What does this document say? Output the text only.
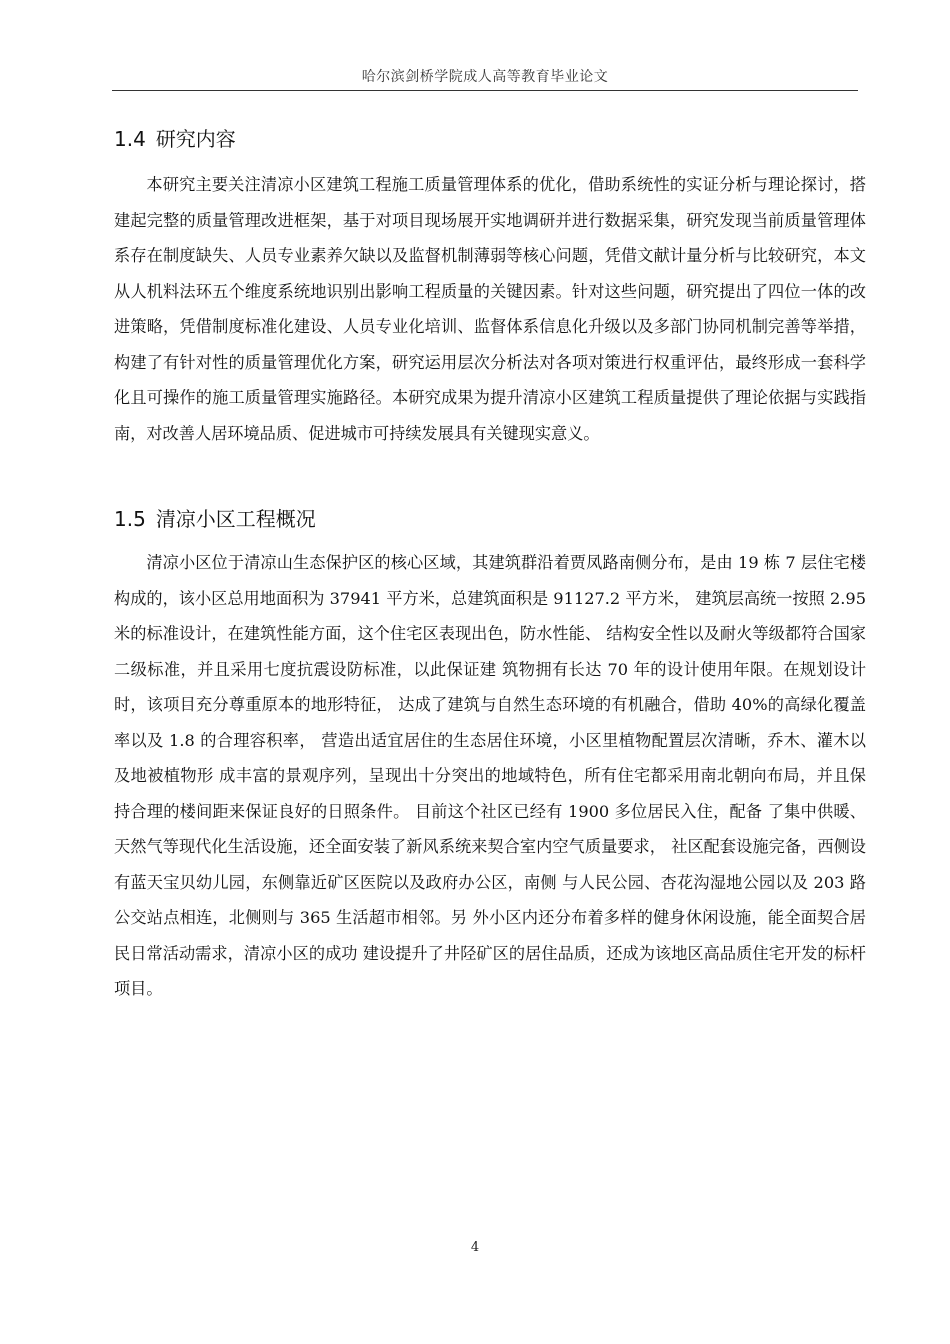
哈尔滨剑桥学院成人高等教育毕业论文
1.4 研究内容

本研究主要关注清凉小区建筑工程施工质量管理体系的优化，借助系统性的实证分析与理论探讨，搭建起完整的质量管理改进框架，基于对项目现场展开实地调研并进行数据采集，研究发现当前质量管理体系存在制度缺失、人员专业素养欠缺以及监督机制薄弱等核心问题，凭借文献计量分析与比较研究，本文从人机料法环五个维度系统地识别出影响工程质量的关键因素。针对这些问题，研究提出了四位一体的改进策略，凭借制度标准化建设、人员专业化培训、监督体系信息化升级以及多部门协同机制完善等举措，构建了有针对性的质量管理优化方案，研究运用层次分析法对各项对策进行权重评估，最终形成一套科学化且可操作的施工质量管理实施路径。本研究成果为提升清凉小区建筑工程质量提供了理论依据与实践指南，对改善人居环境品质、促进城市可持续发展具有关键现实意义。

1.5 清凉小区工程概况

清凉小区位于清凉山生态保护区的核心区域，其建筑群沿着贾凤路南侧分布，是由 19 栋 7 层住宅楼构成的，该小区总用地面积为 37941 平方米，总建筑面积是 91127.2 平方米， 建筑层高统一按照 2.95 米的标准设计，在建筑性能方面，这个住宅区表现出色，防水性能、 结构安全性以及耐火等级都符合国家二级标准，并且采用七度抗震设防标准，以此保证建 筑物拥有长达 70 年的设计使用年限。在规划设计时，该项目充分尊重原本的地形特征， 达成了建筑与自然生态环境的有机融合，借助 40%的高绿化覆盖率以及 1.8 的合理容积率， 营造出适宜居住的生态居住环境，小区里植物配置层次清晰，乔木、灌木以及地被植物形 成丰富的景观序列，呈现出十分突出的地域特色，所有住宅都采用南北朝向布局，并且保 持合理的楼间距来保证良好的日照条件。 目前这个社区已经有 1900 多位居民入住，配备 了集中供暖、天然气等现代化生活设施，还全面安装了新风系统来契合室内空气质量要求， 社区配套设施完备，西侧设有蓝天宝贝幼儿园，东侧靠近矿区医院以及政府办公区，南侧 与人民公园、杏花沟湿地公园以及 203 路公交站点相连，北侧则与 365 生活超市相邻。另 外小区内还分布着多样的健身休闲设施，能全面契合居民日常活动需求，清凉小区的成功 建设提升了井陉矿区的居住品质，还成为该地区高品质住宅开发的标杆项目。

4
